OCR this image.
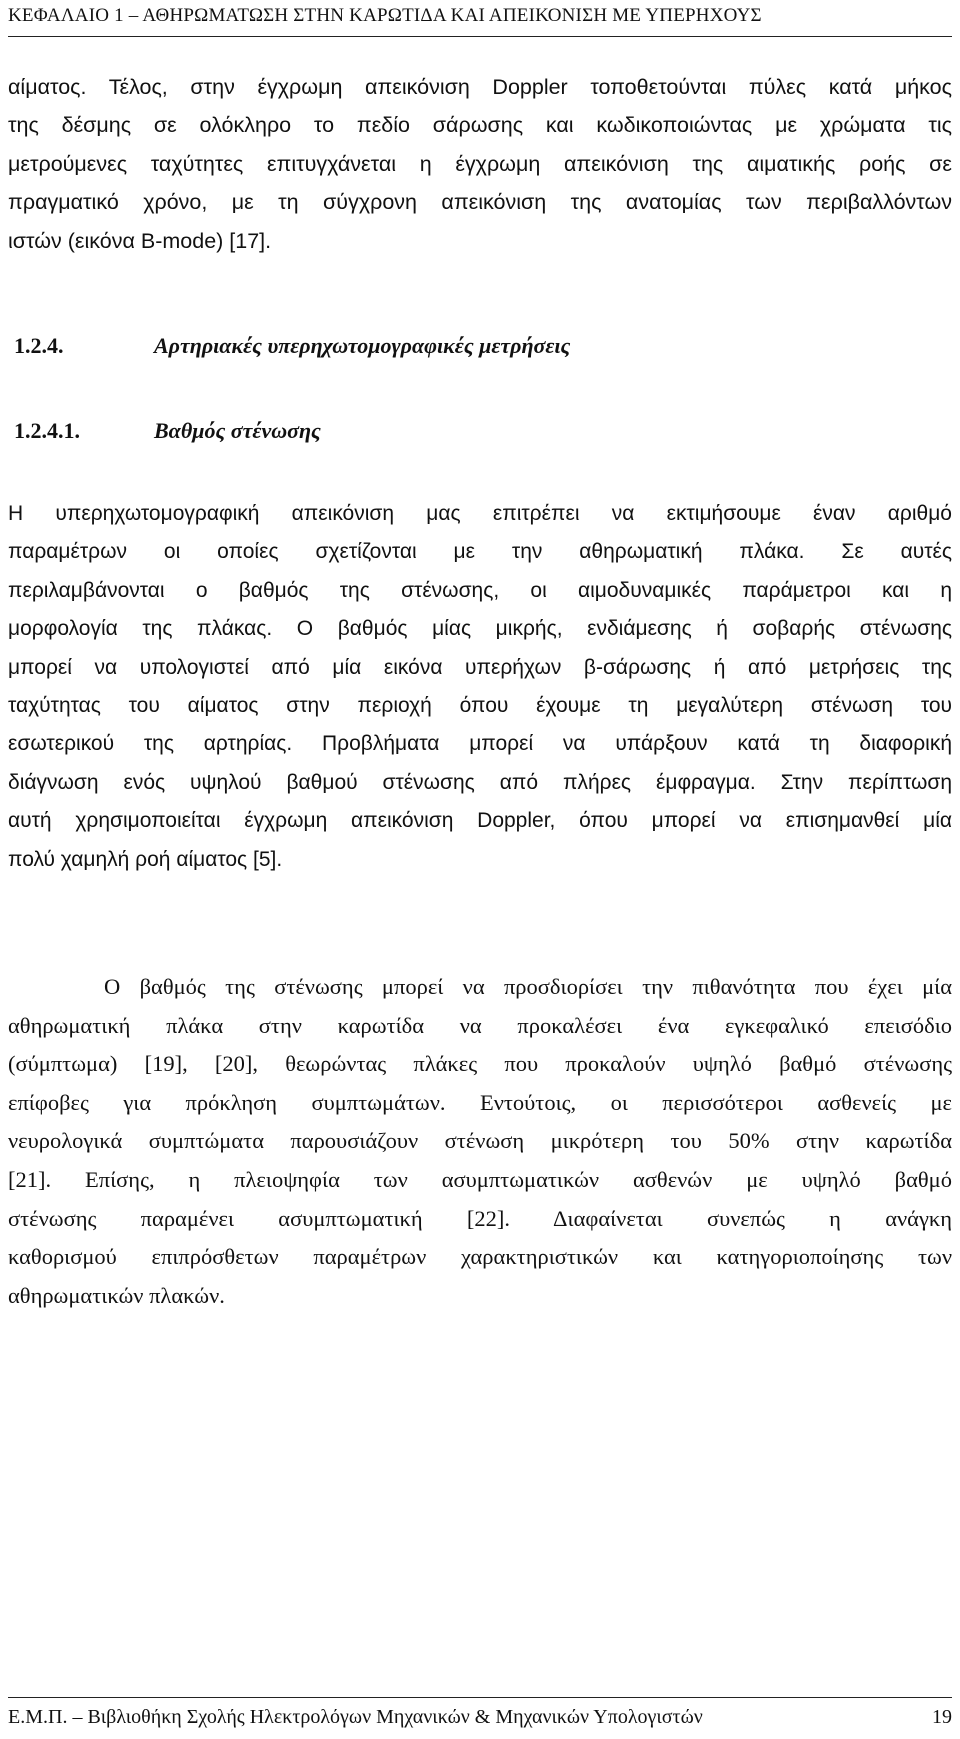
ΚΕΦΑΛΑΙΟ 1 – ΑΘΗΡΩΜΑΤΩΣΗ ΣΤΗΝ ΚΑΡΩΤΙΔΑ ΚΑΙ ΑΠΕΙΚΟΝΙΣΗ ΜΕ ΥΠΕΡΗΧΟΥΣ
αίματος. Τέλος, στην έγχρωμη απεικόνιση Doppler τοποθετούνται πύλες κατά μήκος
της δέσμης σε ολόκληρο το πεδίο σάρωσης και κωδικοποιώντας με χρώματα τις
μετρούμενες ταχύτητες επιτυγχάνεται η έγχρωμη απεικόνιση της αιματικής ροής σε
πραγματικό χρόνο, με τη σύγχρονη απεικόνιση της ανατομίας των περιβαλλόντων
ιστών (εικόνα B-mode) [17].
1.2.4.	Αρτηριακές υπερηχωτομογραφικές μετρήσεις
1.2.4.1.	Βαθμός στένωσης
Η υπερηχωτομογραφική απεικόνιση μας επιτρέπει να εκτιμήσουμε έναν αριθμό
παραμέτρων οι οποίες σχετίζονται με την αθηρωματική πλάκα. Σε αυτές
περιλαμβάνονται ο βαθμός της στένωσης, οι αιμοδυναμικές παράμετροι και η
μορφολογία της πλάκας. Ο βαθμός μίας μικρής, ενδιάμεσης ή σοβαρής στένωσης
μπορεί να υπολογιστεί από μία εικόνα υπερήχων β-σάρωσης ή από μετρήσεις της
ταχύτητας του αίματος στην περιοχή όπου έχουμε τη μεγαλύτερη στένωση του
εσωτερικού της αρτηρίας. Προβλήματα μπορεί να υπάρξουν κατά τη διαφορική
διάγνωση ενός υψηλού βαθμού στένωσης από πλήρες έμφραγμα. Στην περίπτωση
αυτή χρησιμοποιείται έγχρωμη απεικόνιση Doppler, όπου μπορεί να επισημανθεί μία
πολύ χαμηλή ροή αίματος [5].
Ο βαθμός της στένωσης μπορεί να προσδιορίσει την πιθανότητα που έχει μία
αθηρωματική πλάκα στην καρωτίδα να προκαλέσει ένα εγκεφαλικό επεισόδιο
(σύμπτωμα) [19], [20], θεωρώντας πλάκες που προκαλούν υψηλό βαθμό στένωσης
επίφοβες για πρόκληση συμπτωμάτων. Εντούτοις, οι περισσότεροι ασθενείς με
νευρολογικά συμπτώματα παρουσιάζουν στένωση μικρότερη του 50% στην καρωτίδα
[21]. Επίσης, η πλειοψηφία των ασυμπτωματικών ασθενών με υψηλό βαθμό
στένωσης παραμένει ασυμπτωματική [22]. Διαφαίνεται συνεπώς η ανάγκη
καθορισμού επιπρόσθετων παραμέτρων χαρακτηριστικών και κατηγοριοποίησης των
αθηρωματικών πλακών.
Ε.Μ.Π. – Βιβλιοθήκη Σχολής Ηλεκτρολόγων Μηχανικών & Μηχανικών Υπολογιστών	19
